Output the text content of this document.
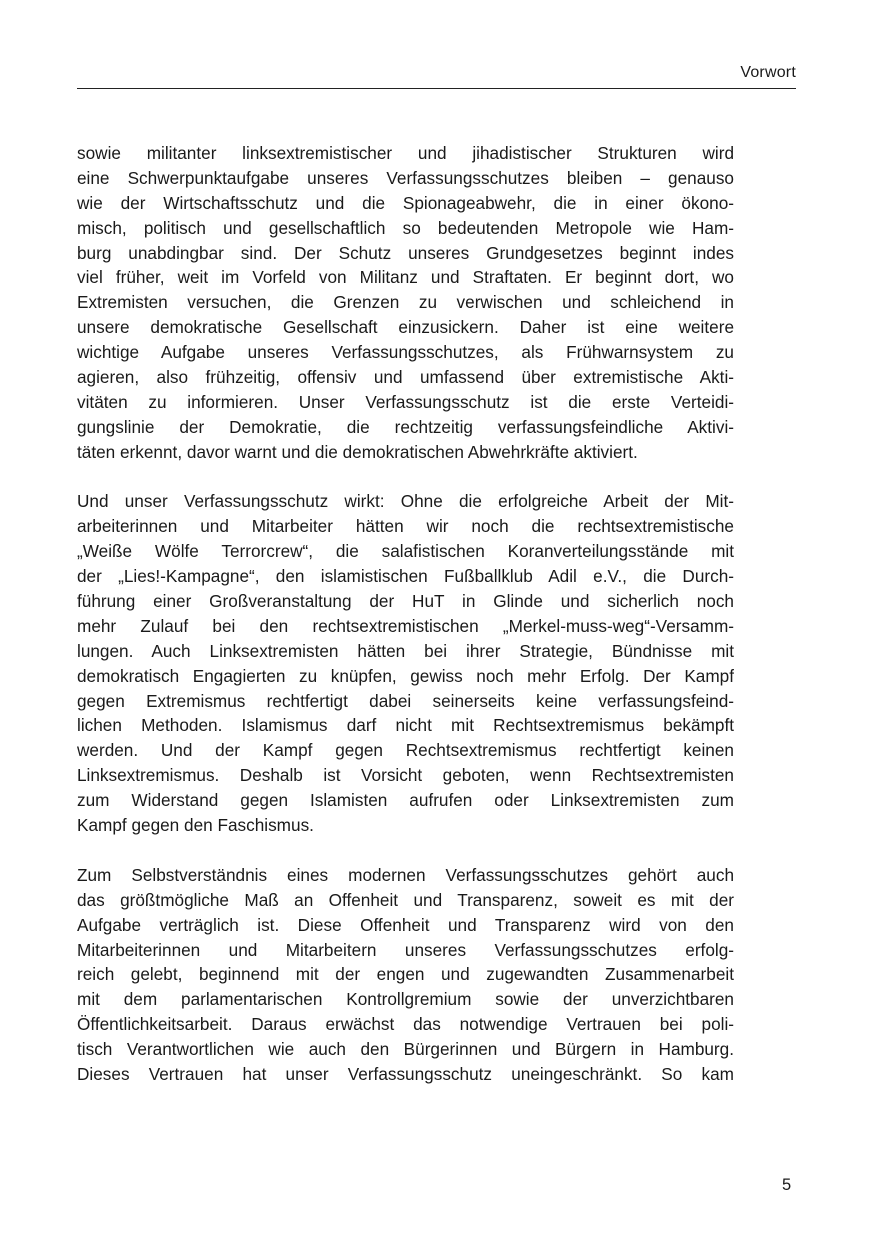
Vorwort
sowie militanter linksextremistischer und jihadistischer Strukturen wird
eine Schwerpunktaufgabe unseres Verfassungsschutzes bleiben – genauso
wie der Wirtschaftsschutz und die Spionageabwehr, die in einer ökono-
misch, politisch und gesellschaftlich so bedeutenden Metropole wie Ham-
burg unabdingbar sind. Der Schutz unseres Grundgesetzes beginnt indes
viel früher, weit im Vorfeld von Militanz und Straftaten. Er beginnt dort, wo
Extremisten versuchen, die Grenzen zu verwischen und schleichend in
unsere demokratische Gesellschaft einzusickern. Daher ist eine weitere
wichtige Aufgabe unseres Verfassungsschutzes, als Frühwarnsystem zu
agieren, also frühzeitig, offensiv und umfassend über extremistische Akti-
vitäten zu informieren. Unser Verfassungsschutz ist die erste Verteidi-
gungslinie der Demokratie, die rechtzeitig verfassungsfeindliche Aktivi-
täten erkennt, davor warnt und die demokratischen Abwehrkräfte aktiviert.
Und unser Verfassungsschutz wirkt: Ohne die erfolgreiche Arbeit der Mit-
arbeiterinnen und Mitarbeiter hätten wir noch die rechtsextremistische
„Weiße Wölfe Terrorcrew“, die salafistischen Koranverteilungsstände mit
der „Lies!-Kampagne“, den islamistischen Fußballklub Adil e.V., die Durch-
führung einer Großveranstaltung der HuT in Glinde und sicherlich noch
mehr Zulauf bei den rechtsextremistischen „Merkel-muss-weg“-Versamm-
lungen. Auch Linksextremisten hätten bei ihrer Strategie, Bündnisse mit
demokratisch Engagierten zu knüpfen, gewiss noch mehr Erfolg. Der Kampf
gegen Extremismus rechtfertigt dabei seinerseits keine verfassungsfeind-
lichen Methoden. Islamismus darf nicht mit Rechtsextremismus bekämpft
werden. Und der Kampf gegen Rechtsextremismus rechtfertigt keinen
Linksextremismus. Deshalb ist Vorsicht geboten, wenn Rechtsextremisten
zum Widerstand gegen Islamisten aufrufen oder Linksextremisten zum
Kampf gegen den Faschismus.
Zum Selbstverständnis eines modernen Verfassungsschutzes gehört auch
das größtmögliche Maß an Offenheit und Transparenz, soweit es mit der
Aufgabe verträglich ist. Diese Offenheit und Transparenz wird von den
Mitarbeiterinnen und Mitarbeitern unseres Verfassungsschutzes erfolg-
reich gelebt, beginnend mit der engen und zugewandten Zusammenarbeit
mit dem parlamentarischen Kontrollgremium sowie der unverzichtbaren
Öffentlichkeitsarbeit. Daraus erwächst das notwendige Vertrauen bei poli-
tisch Verantwortlichen wie auch den Bürgerinnen und Bürgern in Hamburg.
Dieses Vertrauen hat unser Verfassungsschutz uneingeschränkt. So kam
5
